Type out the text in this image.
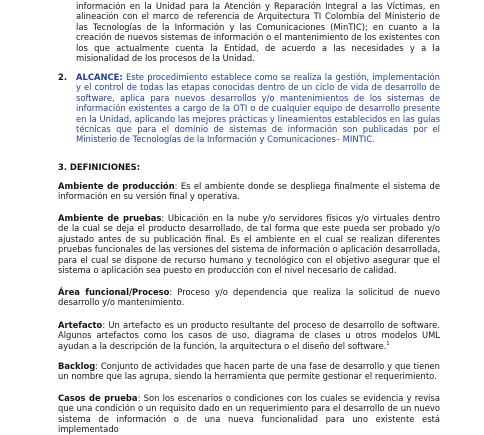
información en la Unidad para la Atención y Reparación Integral a las Víctimas, en alineación con el marco de referencia de Arquitectura TI Colombia del Ministerio de las Tecnologías de la Información y las Comunicaciones (MinTIC); en cuanto a la creación de nuevos sistemas de información o el mantenimiento de los existentes con los que actualmente cuenta la Entidad, de acuerdo a las necesidades y a la misionalidad de los procesos de la Unidad.
2. ALCANCE: Este procedimiento establece como se realiza la gestión, implementación y el control de todas las etapas conocidas dentro de un ciclo de vida de desarrollo de software, aplica para nuevos desarrollos y/o mantenimientos de los sistemas de información existentes a cargo de la OTI o de cualquier equipo de desarrollo presente en la Unidad, aplicando las mejores prácticas y lineamientos establecidos en las guías técnicas que para el dominio de sistemas de información son publicadas por el Ministerio de Tecnologías de la Información y Comunicaciones– MINTIC.
3. DEFINICIONES:
Ambiente de producción: Es el ambiente donde se despliega finalmente el sistema de información en su versión final y operativa.
Ambiente de pruebas: Ubicación en la nube y/o servidores físicos y/o virtuales dentro de la cual se deja el producto desarrollado, de tal forma que este pueda ser probado y/o ajustado antes de su publicación final. Es el ambiente en el cual se realizan diferentes pruebas funcionales de las versiones del sistema de información o aplicación desarrollada, para el cual se dispone de recurso humano y tecnológico con el objetivo asegurar que el sistema o aplicación sea puesto en producción con el nivel necesario de calidad.
Área funcional/Proceso: Proceso y/o dependencia que realiza la solicitud de nuevo desarrollo y/o mantenimiento.
Artefacto: Un artefacto es un producto resultante del proceso de desarrollo de software. Algunos artefactos como los casos de uso, diagrama de clases u otros modelos UML ayudan a la descripción de la función, la arquitectura o el diseño del software.$^1$
Backlog: Conjunto de actividades que hacen parte de una fase de desarrollo y que tienen un nombre que las agrupa, siendo la herramienta que permite gestionar el requerimiento.
Casos de prueba: Son los escenarios o condiciones con los cuales se evidencia y revisa que una condición o un requisito dado en un requerimiento para el desarrollo de un nuevo sistema de información o de una nueva funcionalidad para uno existente está implementado
